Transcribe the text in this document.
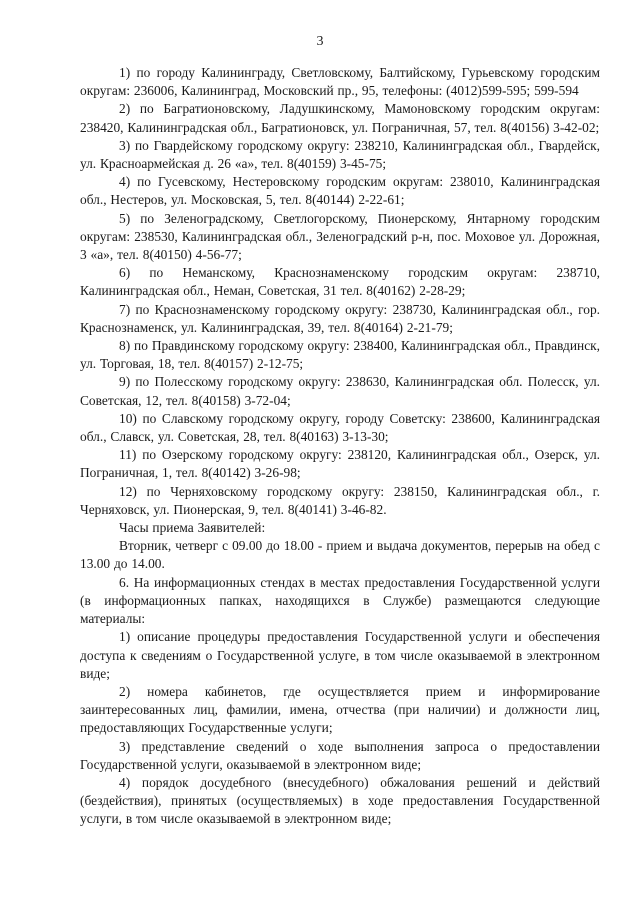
3

1) по городу Калининграду, Светловскому, Балтийскому, Гурьевскому городским округам: 236006, Калининград, Московский пр., 95, телефоны: (4012)599-595; 599-594

2) по Багратионовскому, Ладушкинскому, Мамоновскому городским округам: 238420, Калининградская обл., Багратионовск, ул. Пограничная, 57, тел. 8(40156) 3-42-02;

3) по Гвардейскому городскому округу: 238210, Калининградская обл., Гвардейск, ул. Красноармейская д. 26 «а», тел. 8(40159) 3-45-75;

4) по Гусевскому, Нестеровскому городским округам: 238010, Калининградская обл., Нестеров, ул. Московская, 5, тел. 8(40144) 2-22-61;

5) по Зеленоградскому, Светлогорскому, Пионерскому, Янтарному городским округам: 238530, Калининградская обл., Зеленоградский р-н, пос. Моховое ул. Дорожная, 3 «а», тел. 8(40150) 4-56-77;

6) по Неманскому, Краснознаменскому городским округам: 238710, Калининградская обл., Неман, Советская, 31 тел. 8(40162) 2-28-29;

7) по Краснознаменскому городскому округу: 238730, Калининградская обл., гор. Краснознаменск, ул. Калининградская, 39, тел. 8(40164) 2-21-79;

8) по Правдинскому городскому округу: 238400, Калининградская обл., Правдинск, ул. Торговая, 18, тел. 8(40157) 2-12-75;

9) по Полесскому городскому округу: 238630, Калининградская обл. Полесск, ул. Советская, 12, тел. 8(40158) 3-72-04;

10) по Славскому городскому округу, городу Советску: 238600, Калининградская обл., Славск, ул. Советская, 28, тел. 8(40163) 3-13-30;

11) по Озерскому городскому округу: 238120, Калининградская обл., Озерск, ул. Пограничная, 1, тел. 8(40142) 3-26-98;

12) по Черняховскому городскому округу: 238150, Калининградская обл., г. Черняховск, ул. Пионерская, 9, тел. 8(40141) 3-46-82.

Часы приема Заявителей:

Вторник, четверг с 09.00 до 18.00 - прием и выдача документов, перерыв на обед с 13.00 до 14.00.

6. На информационных стендах в местах предоставления Государственной услуги (в информационных папках, находящихся в Службе) размещаются следующие материалы:

1) описание процедуры предоставления Государственной услуги и обеспечения доступа к сведениям о Государственной услуге, в том числе оказываемой в электронном виде;

2) номера кабинетов, где осуществляется прием и информирование заинтересованных лиц, фамилии, имена, отчества (при наличии) и должности лиц, предоставляющих Государственные услуги;

3) представление сведений о ходе выполнения запроса о предоставлении Государственной услуги, оказываемой в электронном виде;

4) порядок досудебного (внесудебного) обжалования решений и действий (бездействия), принятых (осуществляемых) в ходе предоставления Государственной услуги, в том числе оказываемой в электронном виде;
